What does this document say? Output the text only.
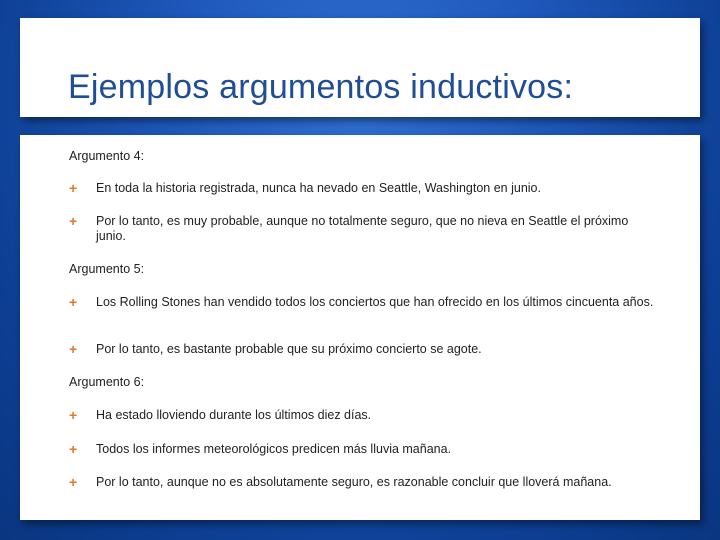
Ejemplos argumentos inductivos:
Argumento 4:
+ En toda la historia registrada, nunca ha nevado en Seattle, Washington en junio.
+ Por lo tanto, es muy probable, aunque no totalmente seguro, que no nieva en Seattle el próximo junio.
Argumento 5:
+ Los Rolling Stones han vendido todos los conciertos que han ofrecido en los últimos cincuenta años.
+ Por lo tanto, es bastante probable que su próximo concierto se agote.
Argumento 6:
+ Ha estado lloviendo durante los últimos diez días.
+ Todos los informes meteorológicos predicen más lluvia mañana.
+ Por lo tanto, aunque no es absolutamente seguro, es razonable concluir que lloverá mañana.
